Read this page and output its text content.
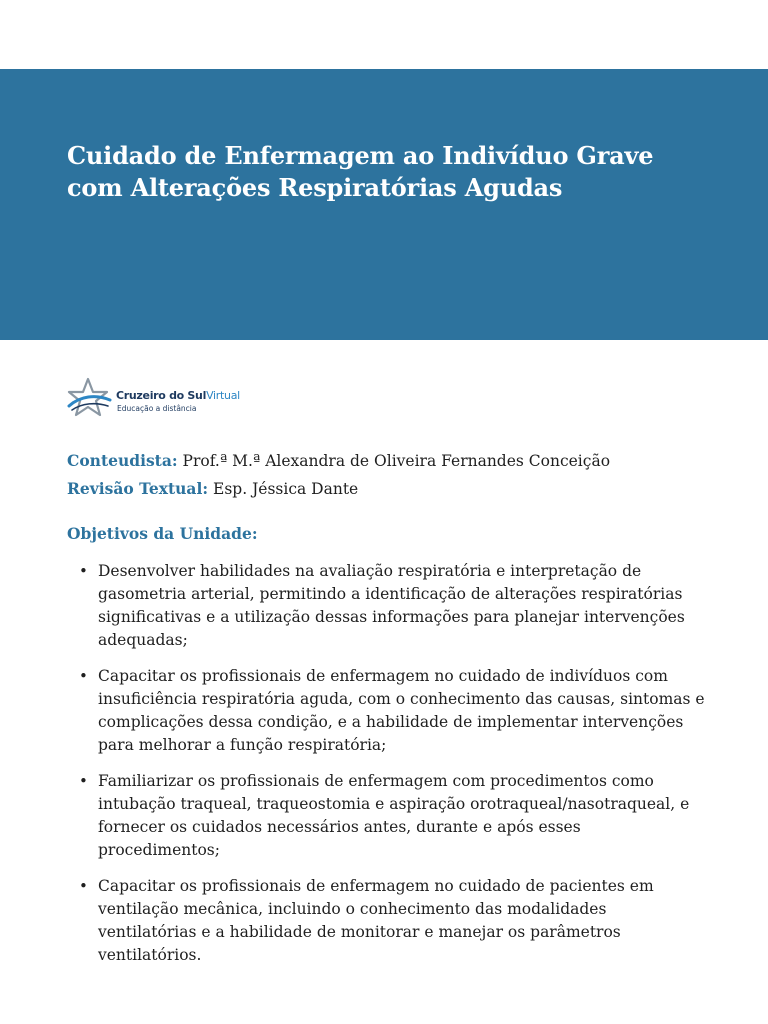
Cuidado de Enfermagem ao Indivíduo Grave
com Alterações Respiratórias Agudas
Cruzeiro do SulVirtual
Educação a distância
Conteudista: Prof.ª M.ª Alexandra de Oliveira Fernandes Conceição
Revisão Textual: Esp. Jéssica Dante
Objetivos da Unidade:
• Desenvolver habilidades na avaliação respiratória e interpretação de gasometria arterial, permitindo a identificação de alterações respiratórias significativas e a utilização dessas informações para planejar intervenções adequadas;
• Capacitar os profissionais de enfermagem no cuidado de indivíduos com insuficiência respiratória aguda, com o conhecimento das causas, sintomas e complicações dessa condição, e a habilidade de implementar intervenções para melhorar a função respiratória;
• Familiarizar os profissionais de enfermagem com procedimentos como intubação traqueal, traqueostomia e aspiração orotraqueal/nasotraqueal, e fornecer os cuidados necessários antes, durante e após esses procedimentos;
• Capacitar os profissionais de enfermagem no cuidado de pacientes em ventilação mecânica, incluindo o conhecimento das modalidades ventilatórias e a habilidade de monitorar e manejar os parâmetros ventilatórios.
